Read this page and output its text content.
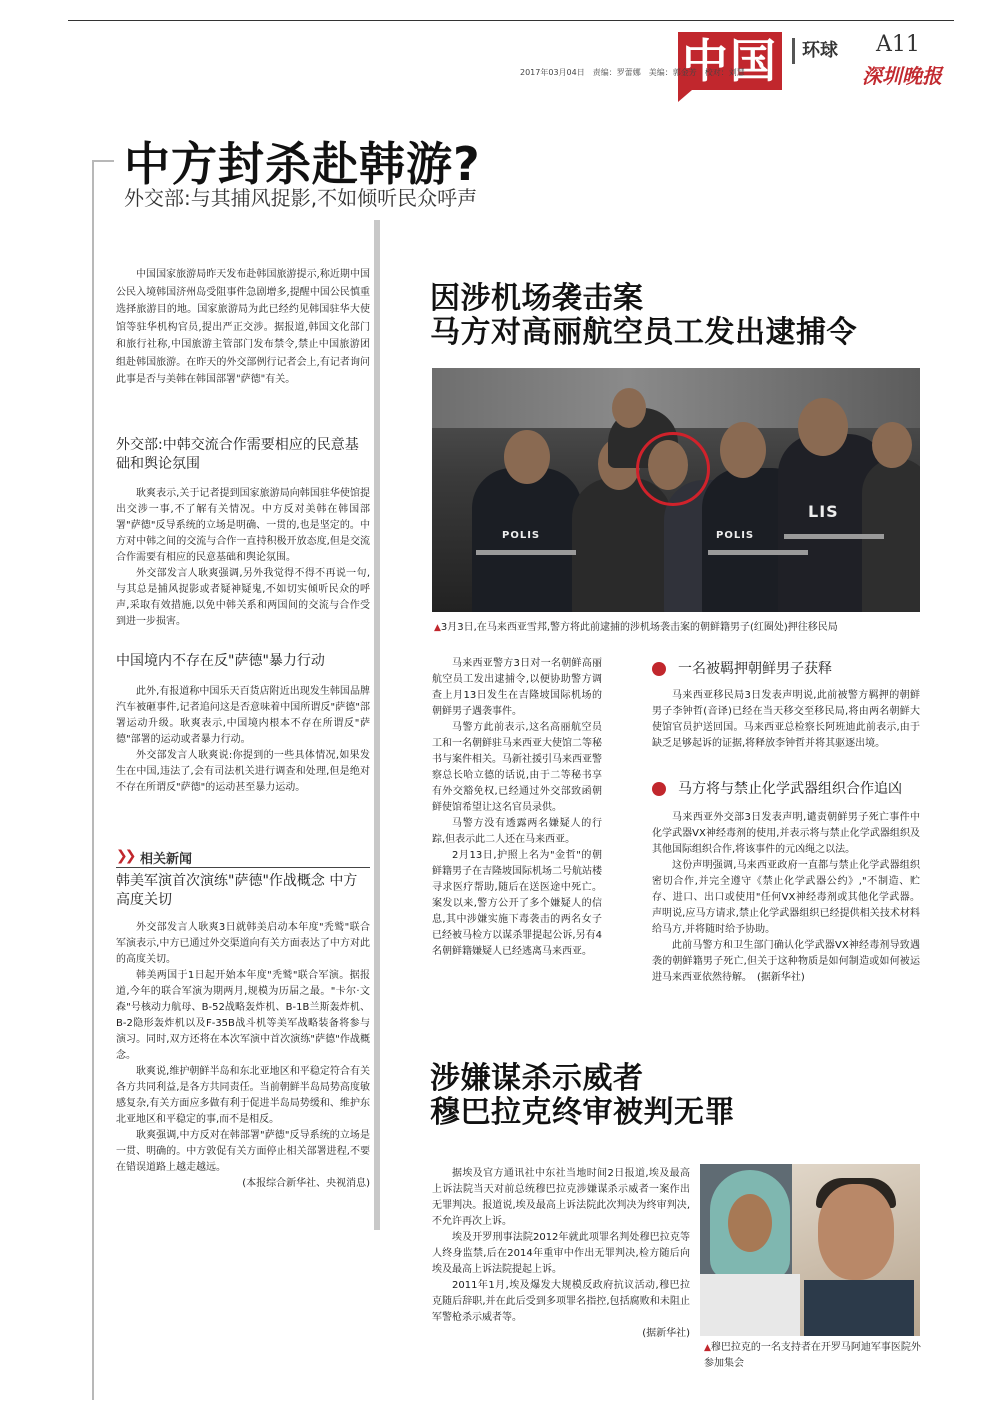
中国 环球 A11
深圳晚报
2017年03月04日　责编：罗蕾娜　美编：郭金芳　校对：刘慧
中方封杀赴韩游?
外交部:与其捕风捉影,不如倾听民众呼声
中国国家旅游局昨天发布赴韩国旅游提示,称近期中国公民入境韩国济州岛受阻事件急剧增多,提醒中国公民慎重选择旅游目的地。国家旅游局为此已经约见韩国驻华大使馆等驻华机构官员,提出严正交涉。据报道,韩国文化部门和旅行社称,中国旅游主管部门发布禁令,禁止中国旅游团组赴韩国旅游。在昨天的外交部例行记者会上,有记者询问此事是否与美韩在韩国部署"萨德"有关。
外交部:中韩交流合作需要相应的民意基础和舆论氛围

耿爽表示,关于记者提到国家旅游局向韩国驻华使馆提出交涉一事,不了解有关情况。中方反对美韩在韩国部署"萨德"反导系统的立场是明确、一贯的,也是坚定的。中方对中韩之间的交流与合作一直持积极开放态度,但是交流合作需要有相应的民意基础和舆论氛围。

外交部发言人耿爽强调,另外我觉得不得不再说一句,与其总是捕风捉影或者疑神疑鬼,不如切实倾听民众的呼声,采取有效措施,以免中韩关系和两国间的交流与合作受到进一步损害。

中国境内不存在反"萨德"暴力行动

此外,有报道称中国乐天百货店附近出现发生韩国品牌汽车被砸事件,记者追问这是否意味着中国所谓反"萨德"部署运动升级。耿爽表示,中国境内根本不存在所谓反"萨德"部署的运动或者暴力行动。

外交部发言人耿爽说:你提到的一些具体情况,如果发生在中国,违法了,会有司法机关进行调查和处理,但是绝对不存在所谓反"萨德"的运动甚至暴力运动。

❯❯ 相关新闻
韩美军演首次演练"萨德"作战概念 中方高度关切

外交部发言人耿爽3日就韩美启动本年度"秃鹫"联合军演表示,中方已通过外交渠道向有关方面表达了中方对此的高度关切。

韩美两国于1日起开始本年度"秃鹫"联合军演。据报道,今年的联合军演为期两月,规模为历届之最。"卡尔·文森"号核动力航母、B-52战略轰炸机、B-1B兰斯轰炸机、B-2隐形轰炸机以及F-35B战斗机等美军战略装备将参与演习。同时,双方还将在本次军演中首次演练"萨德"作战概念。

耿爽说,维护朝鲜半岛和东北亚地区和平稳定符合有关各方共同利益,是各方共同责任。当前朝鲜半岛局势高度敏感复杂,有关方面应多做有利于促进半岛局势缓和、维护东北亚地区和平稳定的事,而不是相反。

耿爽强调,中方反对在韩部署"萨德"反导系统的立场是一贯、明确的。中方敦促有关方面停止相关部署进程,不要在错误道路上越走越远。

(本报综合新华社、央视消息)
因涉机场袭击案
马方对高丽航空员工发出逮捕令
POLIS	POLIS
LIS
▲3月3日,在马来西亚雪邦,警方将此前逮捕的涉机场袭击案的朝鲜籍男子(红圈处)押往移民局

马来西亚警方3日对一名朝鲜高丽航空员工发出逮捕令,以便协助警方调查上月13日发生在吉隆坡国际机场的朝鲜男子遇袭事件。

马警方此前表示,这名高丽航空员工和一名朝鲜驻马来西亚大使馆二等秘书与案件相关。马新社援引马来西亚警察总长哈立德的话说,由于二等秘书享有外交豁免权,已经通过外交部致函朝鲜使馆希望让这名官员录供。

马警方没有透露两名嫌疑人的行踪,但表示此二人还在马来西亚。

2月13日,护照上名为"金哲"的朝鲜籍男子在吉隆坡国际机场二号航站楼寻求医疗帮助,随后在送医途中死亡。案发以来,警方公开了多个嫌疑人的信息,其中涉嫌实施下毒袭击的两名女子已经被马检方以谋杀罪提起公诉,另有4名朝鲜籍嫌疑人已经逃离马来西亚。

一名被羁押朝鲜男子获释

马来西亚移民局3日发表声明说,此前被警方羁押的朝鲜男子李钟哲(音译)已经在当天移交至移民局,将由两名朝鲜大使馆官员护送回国。马来西亚总检察长阿班迪此前表示,由于缺乏足够起诉的证据,将释放李钟哲并将其驱逐出境。

马方将与禁止化学武器组织合作追凶

马来西亚外交部3日发表声明,谴责朝鲜男子死亡事件中化学武器VX神经毒剂的使用,并表示将与禁止化学武器组织及其他国际组织合作,将该事件的元凶绳之以法。

这份声明强调,马来西亚政府一直都与禁止化学武器组织密切合作,并完全遵守《禁止化学武器公约》,"不制造、贮存、进口、出口或使用"任何VX神经毒剂或其他化学武器。声明说,应马方请求,禁止化学武器组织已经提供相关技术材料给马方,并将随时给予协助。

此前马警方和卫生部门确认化学武器VX神经毒剂导致遇袭的朝鲜籍男子死亡,但关于这种物质是如何制造或如何被运进马来西亚依然待解。　(据新华社)

涉嫌谋杀示威者
穆巴拉克终审被判无罪

据埃及官方通讯社中东社当地时间2日报道,埃及最高上诉法院当天对前总统穆巴拉克涉嫌谋杀示威者一案作出无罪判决。报道说,埃及最高上诉法院此次判决为终审判决,不允许再次上诉。

埃及开罗刑事法院2012年就此项罪名判处穆巴拉克等人终身监禁,后在2014年重审中作出无罪判决,检方随后向埃及最高上诉法院提起上诉。

2011年1月,埃及爆发大规模反政府抗议活动,穆巴拉克随后辞职,并在此后受到多项罪名指控,包括腐败和未阻止军警枪杀示威者等。

(据新华社)
▲穆巴拉克的一名支持者在开罗马阿迪军事医院外参加集会
